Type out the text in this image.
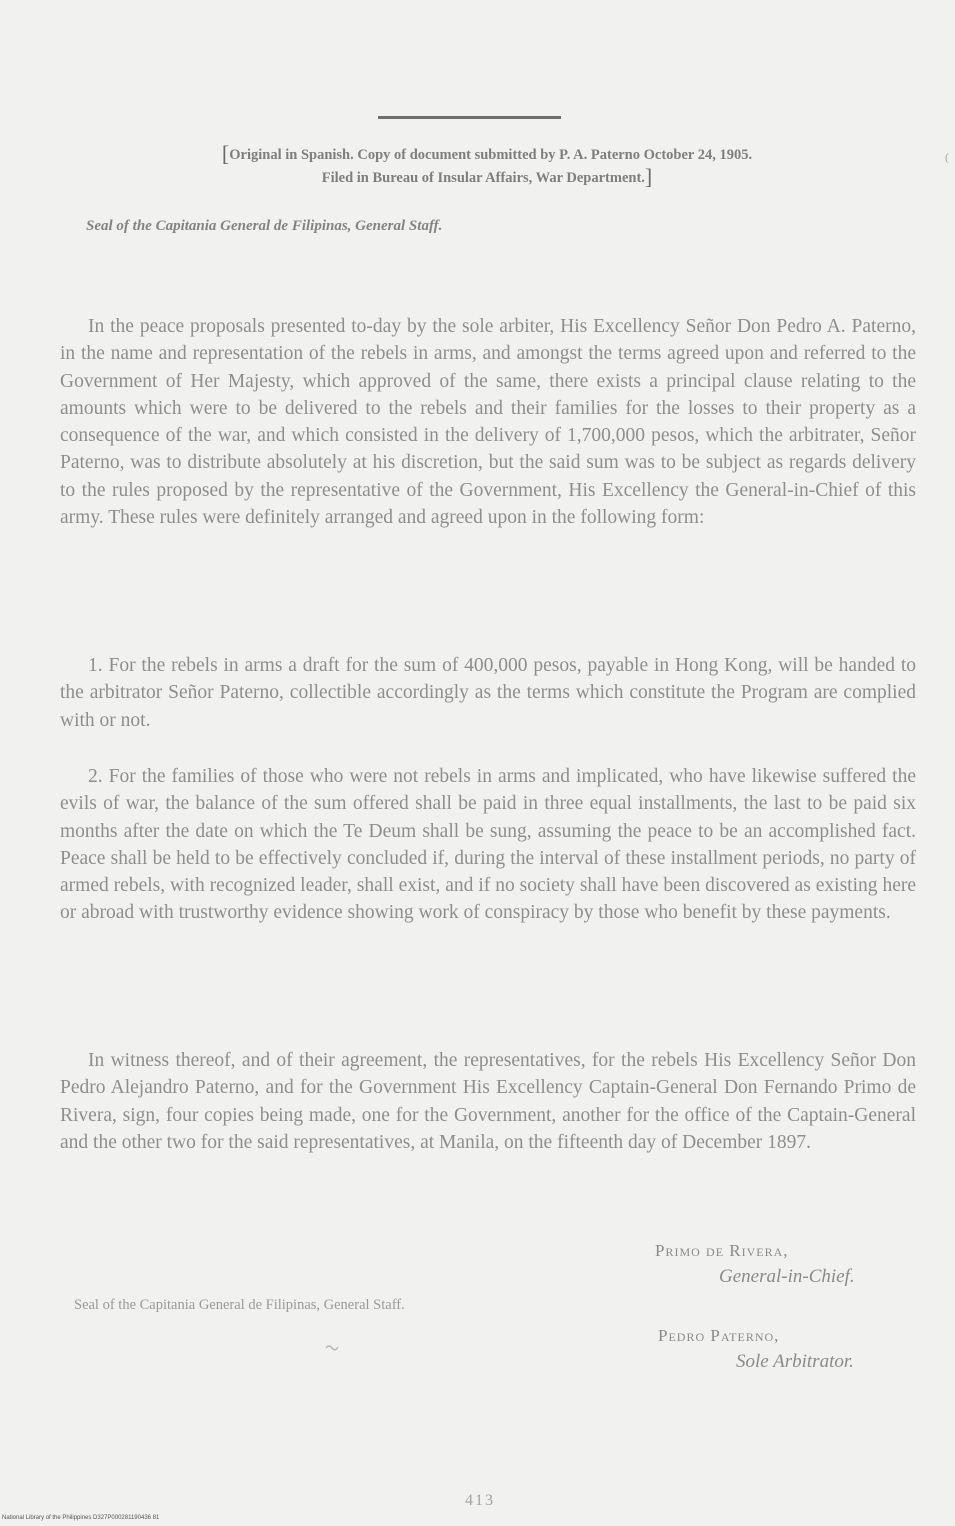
[Original in Spanish. Copy of document submitted by P. A. Paterno October 24, 1905.
Filed in Bureau of Insular Affairs, War Department.]
(
Seal of the Capitania General de Filipinas, General Staff.
In the peace proposals presented to-day by the sole arbiter, His Excellency Señor Don Pedro A. Paterno, in the name and representation of the rebels in arms, and amongst the terms agreed upon and referred to the Government of Her Majesty, which approved of the same, there exists a principal clause relating to the amounts which were to be delivered to the rebels and their families for the losses to their property as a consequence of the war, and which consisted in the delivery of 1,700,000 pesos, which the arbitrater, Señor Paterno, was to distribute absolutely at his discretion, but the said sum was to be subject as regards delivery to the rules proposed by the representative of the Government, His Excellency the General-in-Chief of this army. These rules were definitely arranged and agreed upon in the following form:
1. For the rebels in arms a draft for the sum of 400,000 pesos, payable in Hong Kong, will be handed to the arbitrator Señor Paterno, collectible accordingly as the terms which constitute the Program are complied with or not.
2. For the families of those who were not rebels in arms and implicated, who have likewise suffered the evils of war, the balance of the sum offered shall be paid in three equal installments, the last to be paid six months after the date on which the Te Deum shall be sung, assuming the peace to be an accomplished fact. Peace shall be held to be effectively concluded if, during the interval of these installment periods, no party of armed rebels, with recognized leader, shall exist, and if no society shall have been discovered as existing here or abroad with trustworthy evidence showing work of conspiracy by those who benefit by these payments.
In witness thereof, and of their agreement, the representatives, for the rebels His Excellency Señor Don Pedro Alejandro Paterno, and for the Government His Excellency Captain-General Don Fernando Primo de Rivera, sign, four copies being made, one for the Government, another for the office of the Captain-General and the other two for the said representatives, at Manila, on the fifteenth day of December 1897.
Primo de Rivera,
General-in-Chief.
Seal of the Capitania General de Filipinas, General Staff.
Pedro Paterno,
Sole Arbitrator.
413
National Library of the Philippines D327P000281190436 81
